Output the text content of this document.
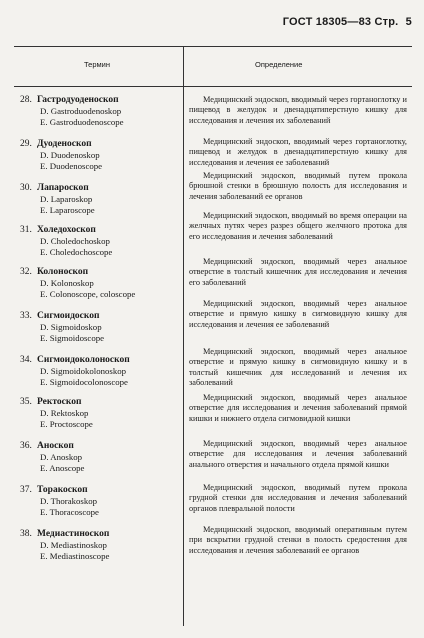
ГОСТ 18305—83 Стр. 5
Термин	Определение
28. Гастродуоденоскоп
D. Gastroduodenoskop
E. Gastroduodenoscope
29. Дуоденоскоп
D. Duodenoskop
E. Duodenoscope
30. Лапароскоп
D. Laparoskop
E. Laparoscope
31. Холедохоскоп
D. Choledochoskop
E. Choledochoscope
32. Колоноскоп
D. Kolonoskop
E. Colonoscope, coloscope
33. Сигмоидоскоп
D. Sigmoidoskop
E. Sigmoidoscope
34. Сигмоидоколоноскоп
D. Sigmoidokolonoskop
E. Sigmoidocolonoscope
35. Ректоскоп
D. Rektoskop
E. Proctoscope
36. Аноскоп
D. Anoskop
E. Anoscope
37. Торакоскоп
D. Thorakoskop
E. Thoracoscope
38. Медиастиноскоп
D. Mediastinoskop
E. Mediastinoscope
Медицинский эндоскоп, вводимый через гортаноглотку и пищевод в желудок и двенадцатиперстную кишку для исследования и лечения их заболеваний
Медицинский эндоскоп, вводимый через гортаноглотку, пищевод и желудок в двенадцатиперстную кишку для исследования и лечения ее заболеваний
Медицинский эндоскоп, вводимый путем прокола брюшной стенки в брюшную полость для исследования и лечения заболеваний ее органов
Медицинский эндоскоп, вводимый во время операции на желчных путях через разрез общего желчного протока для его исследования и лечения заболеваний
Медицинский эндоскоп, вводимый через анальное отверстие в толстый кишечник для исследования и лечения его заболеваний
Медицинский эндоскоп, вводимый через анальное отверстие и прямую кишку в сигмовидную кишку для исследования и лечения ее заболеваний
Медицинский эндоскоп, вводимый через анальное отверстие и прямую кишку в сигмовидную кишку и в толстый кишечник для исследований и лечения их заболеваний
Медицинский эндоскоп, вводимый через анальное отверстие для исследования и лечения заболеваний прямой кишки и нижнего отдела сигмовидной кишки
Медицинский эндоскоп, вводимый через анальное отверстие для исследования и лечения заболеваний анального отверстия и начального отдела прямой кишки
Медицинский эндоскоп, вводимый путем прокола грудной стенки для исследования и лечения заболеваний органов плевральной полости
Медицинский эндоскоп, вводимый оперативным путем при вскрытии грудной стенки в полость средостения для исследования и лечения заболеваний ее органов
